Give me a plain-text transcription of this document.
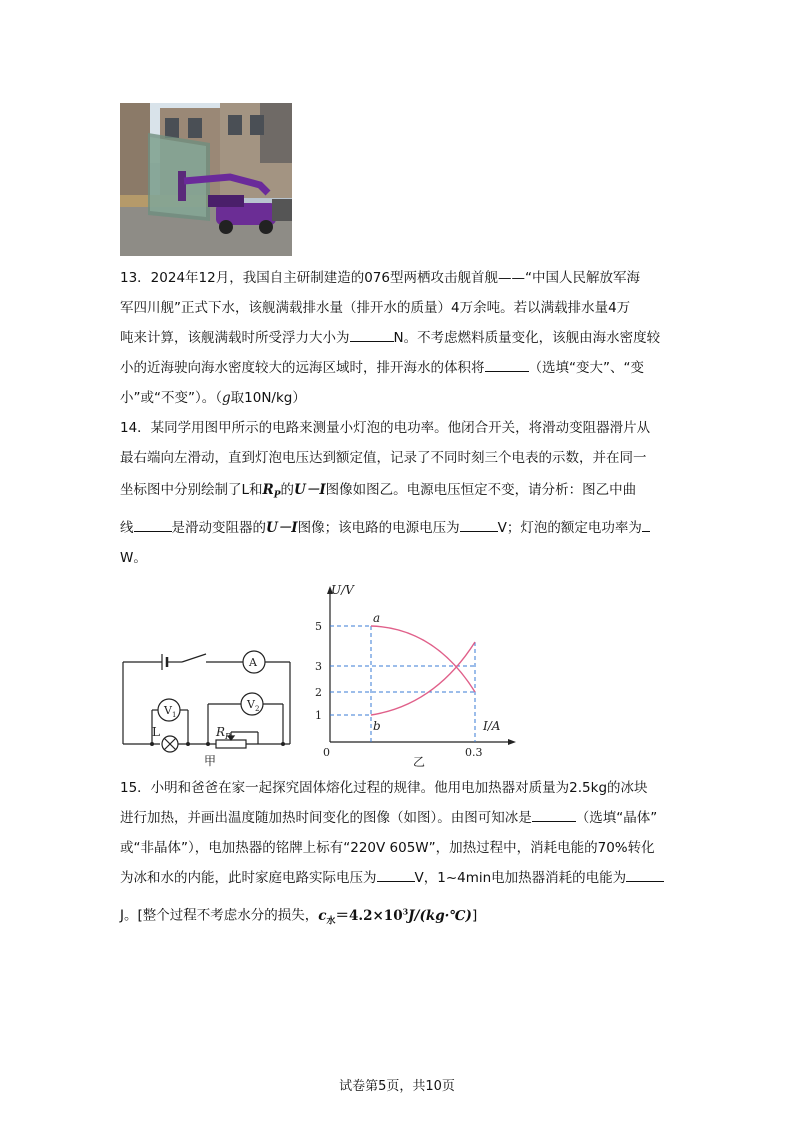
13．2024年12月，我国自主研制建造的076型两栖攻击舰首舰——“中国人民解放军海
军四川舰”正式下水，该舰满载排水量（排开水的质量）4万余吨。若以满载排水量4万
吨来计算，该舰满载时所受浮力大小为	N。不考虑燃料质量变化，该舰由海水密度较
小的近海驶向海水密度较大的远海区域时，排开海水的体积将	（选填“变大”、“变
小”或“不变”）。（g取10N/kg）
14．某同学用图甲所示的电路来测量小灯泡的电功率。他闭合开关，将滑动变阻器滑片从
最右端向左滑动，直到灯泡电压达到额定值，记录了不同时刻三个电表的示数，并在同一
坐标图中分别绘制了L和$R_P$的U－I图像如图乙。电源电压恒定不变，请分析：图乙中曲
线	是滑动变阻器的U－I图像；该电路的电源电压为	V；灯泡的额定电功率为
W。
A
$V_1$
$V_2$
L	$R_P$
甲
U/V
I/A
5
3
2
1
0	0.3
a
b
乙
15．小明和爸爸在家一起探究固体熔化过程的规律。他用电加热器对质量为2.5kg的冰块
进行加热，并画出温度随加热时间变化的图像（如图）。由图可知冰是	（选填“晶体”
或“非晶体”），电加热器的铭牌上标有“220V 605W”，加热过程中，消耗电能的70%转化
为冰和水的内能，此时家庭电路实际电压为	V，1~4min电加热器消耗的电能为
J。[整个过程不考虑水分的损失，$c_水=4.2\times 10^3J/(kg\cdot℃)$]
试卷第5页，共10页
